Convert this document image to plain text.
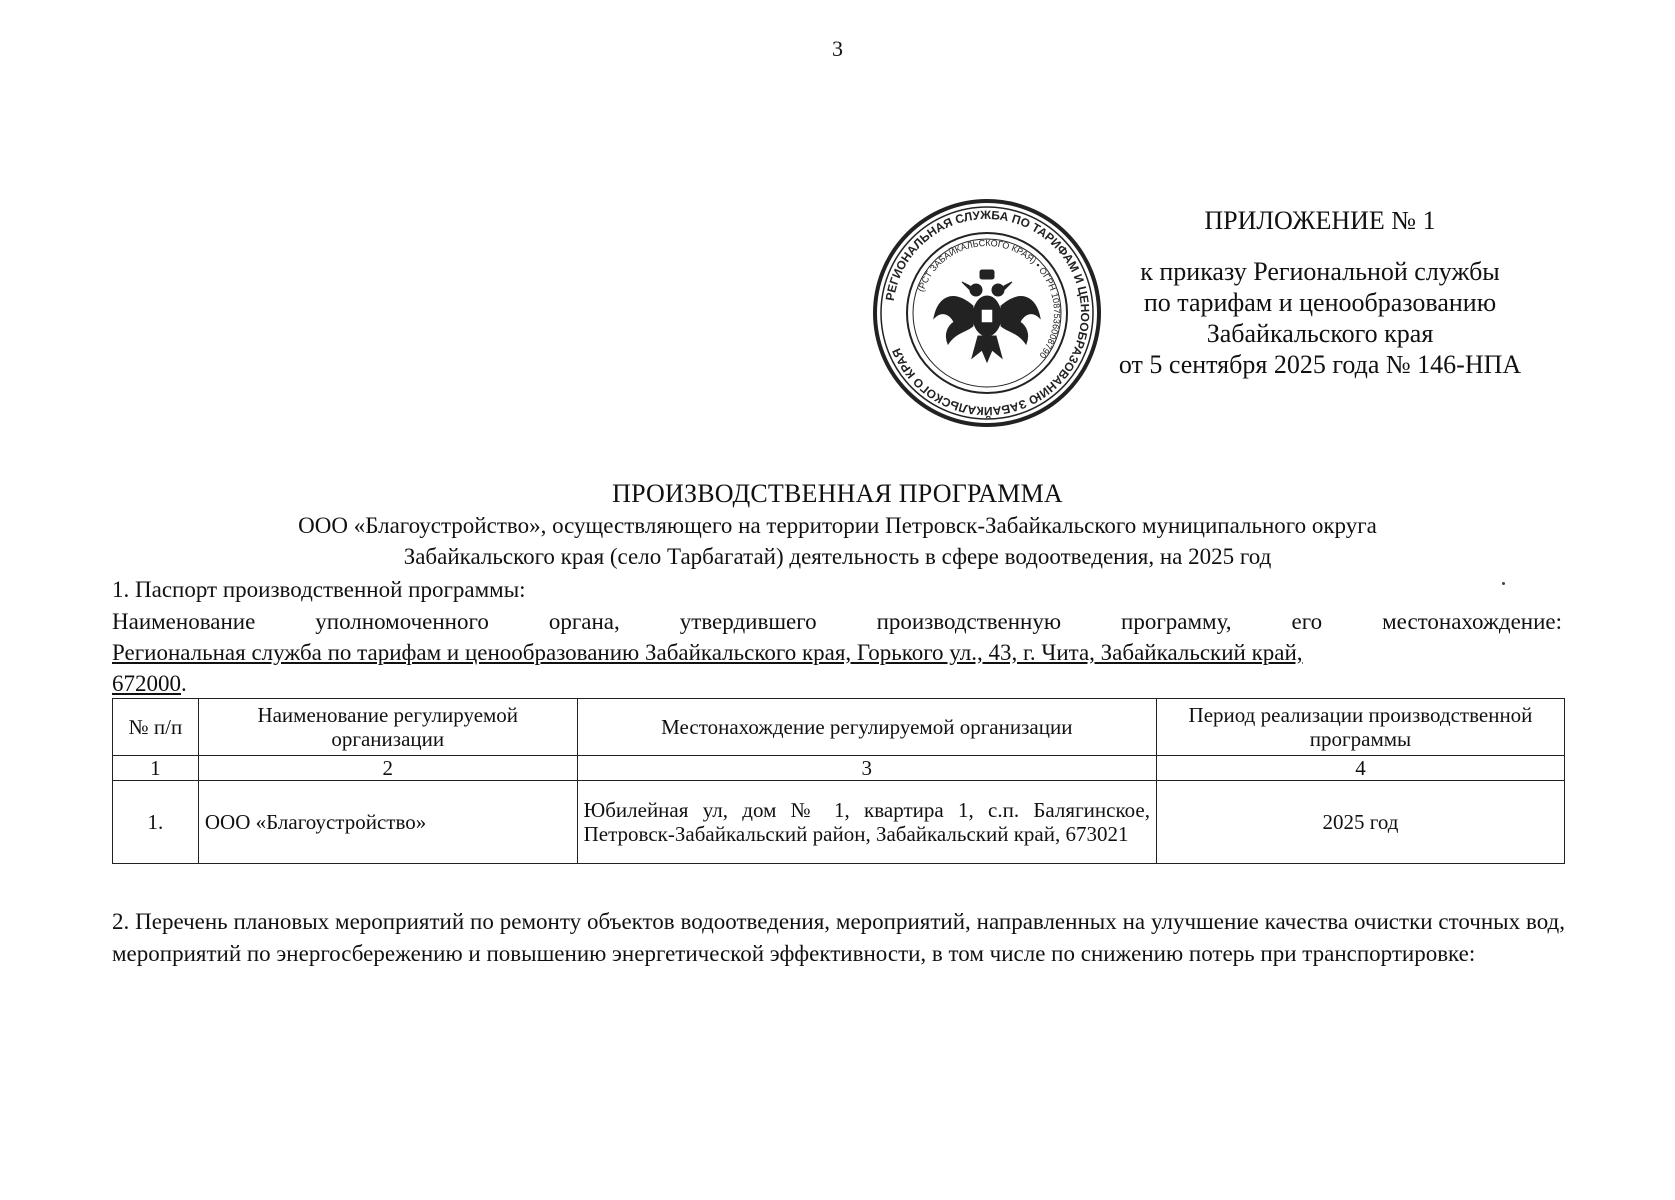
3
РЕГИОНАЛЬНАЯ СЛУЖБА ПО ТАРИФАМ И ЦЕНООБРАЗОВАНИЮ ЗАБАЙКАЛЬСКОГО КРАЯ
(РСТ ЗАБАЙКАЛЬСКОГО КРАЯ) • ОГРН 1087536008790
ПРИЛОЖЕНИЕ № 1
к приказу Региональной службы
по тарифам и ценообразованию
Забайкальского края
от 5 сентября 2025 года № 146-НПА
ПРОИЗВОДСТВЕННАЯ ПРОГРАММА
ООО «Благоустройство», осуществляющего на территории Петровск-Забайкальского муниципального округа
Забайкальского края (село Тарбагатай) деятельность в сфере водоотведения, на 2025 год
1. Паспорт производственной программы:
Наименование уполномоченного органа, утвердившего производственную программу, его местонахождение:
Региональная служба по тарифам и ценообразованию Забайкальского края, Горького ул., 43, г. Чита, Забайкальский край,
672000.
№ п/п	Наименование регулируемой организации	Местонахождение регулируемой организации	Период реализации производственной программы
1	2	3	4
1.	ООО «Благоустройство»	Юбилейная ул, дом № 1, квартира 1, с.п. Балягинское, Петровск-Забайкальский район, Забайкальский край, 673021	2025 год
2. Перечень плановых мероприятий по ремонту объектов водоотведения, мероприятий, направленных на улучшение качества очистки сточных вод, мероприятий по энергосбережению и повышению энергетической эффективности, в том числе по снижению потерь при транспортировке:
